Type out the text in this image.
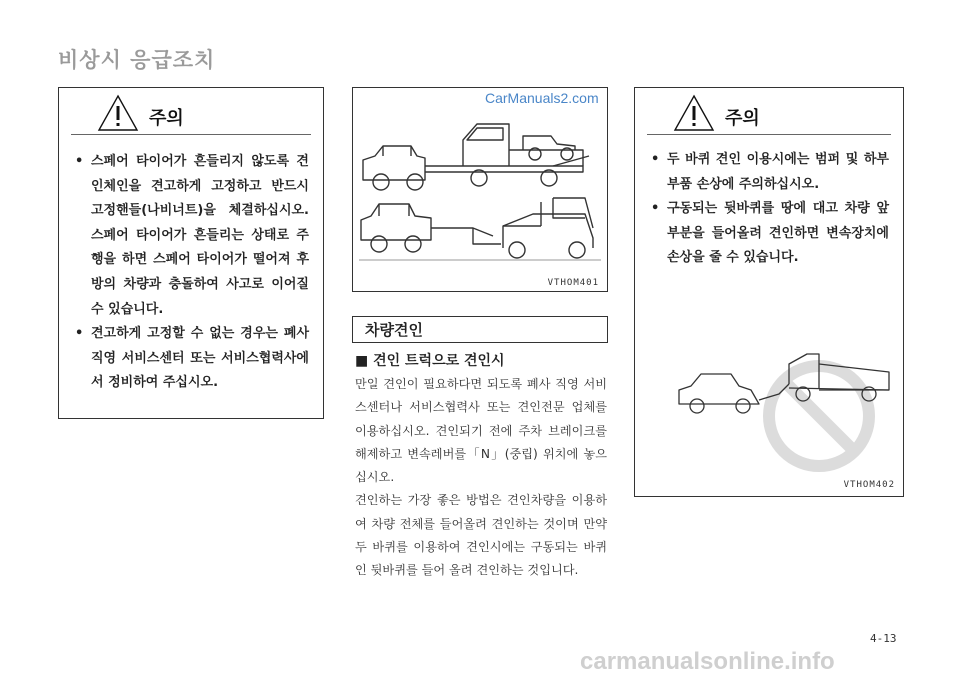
비상시 응급조치
주의
• 스페어 타이어가 흔들리지 않도록 견인체인을 견고하게 고정하고 반드시 고정핸들(나비너트)을 체결하십시오. 스페어 타이어가 흔들리는 상태로 주행을 하면 스페어 타이어가 떨어져 후방의 차량과 충돌하여 사고로 이어질 수 있습니다.
• 견고하게 고정할 수 없는 경우는 폐사 직영 서비스센터 또는 서비스협력사에서 정비하여 주십시오.
VTHOM401
차량견인
■ 견인 트럭으로 견인시

만일 견인이 필요하다면 되도록 폐사 직영 서비스센터나 서비스협력사 또는 견인전문 업체를 이용하십시오. 견인되기 전에 주차 브레이크를 해제하고 변속레버를「N」(중립) 위치에 놓으십시오.

견인하는 가장 좋은 방법은 견인차량을 이용하여 차량 전체를 들어올려 견인하는 것이며 만약 두 바퀴를 이용하여 견인시에는 구동되는 바퀴인 뒷바퀴를 들어 올려 견인하는 것입니다.

주의
• 두 바퀴 견인 이용시에는 범퍼 및 하부 부품 손상에 주의하십시오.
• 구동되는 뒷바퀴를 땅에 대고 차량 앞부분을 들어올려 견인하면 변속장치에 손상을 줄 수 있습니다.
VTHOM402
4-13
CarManuals2.com
carmanualsonline.info
